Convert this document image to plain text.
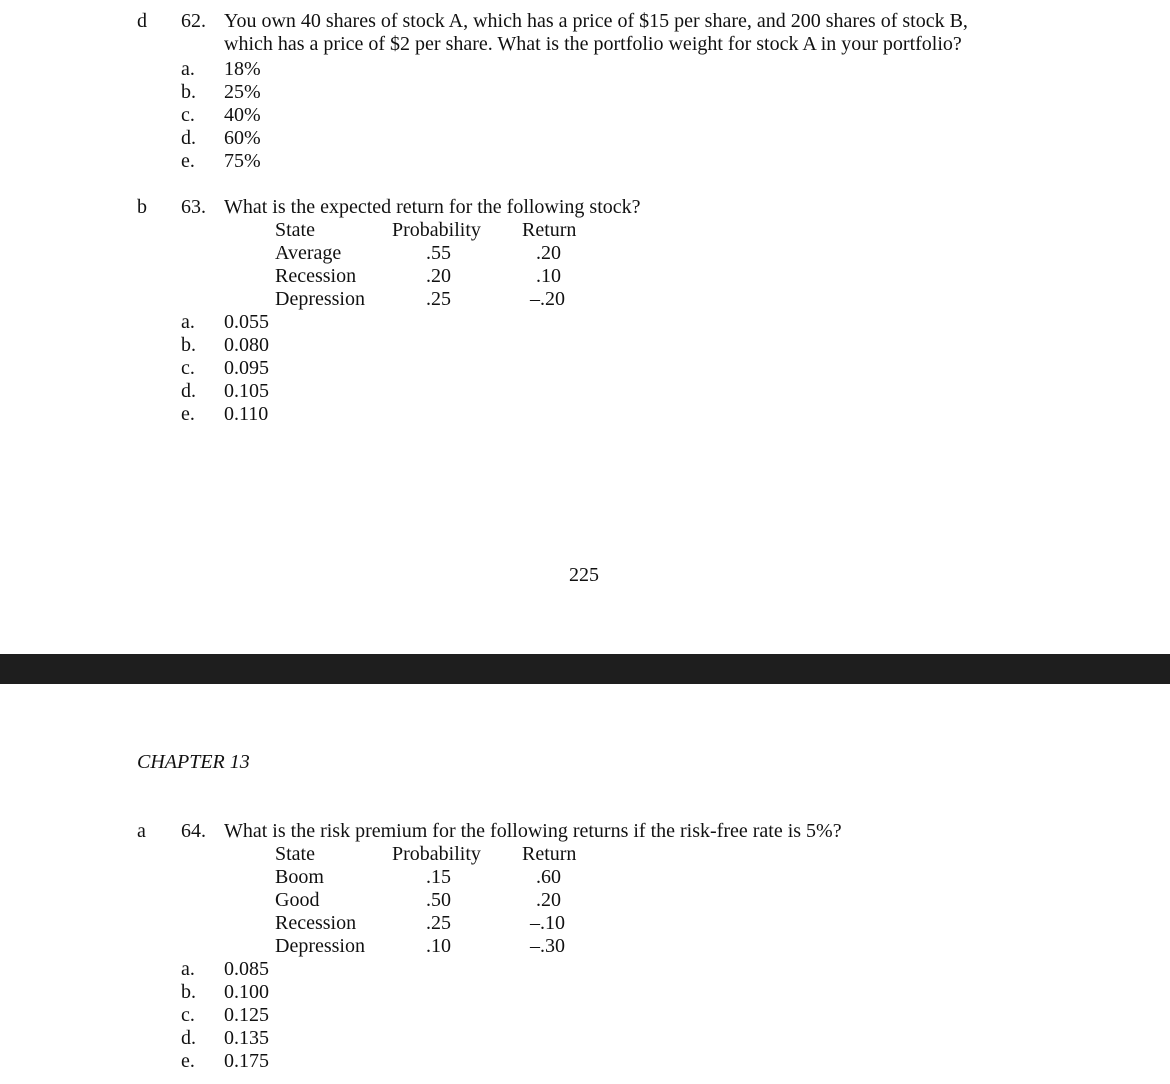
d 62. You own 40 shares of stock A, which has a price of $15 per share, and 200 shares of stock B,
which has a price of $2 per share. What is the portfolio weight for stock A in your portfolio?
a. 18%
b. 25%
c. 40%
d. 60%
e. 75%
b 63. What is the expected return for the following stock?
State	Probability Return
Average	.55	.20
Recession	.20	.10
Depression	.25	–.20
a. 0.055
b. 0.080
c. 0.095
d. 0.105
e. 0.110
225
CHAPTER 13
a 64. What is the risk premium for the following returns if the risk-free rate is 5%?
State	Probability Return
Boom	.15	.60
Good	.50	.20
Recession	.25	–.10
Depression	.10	–.30
a. 0.085
b. 0.100
c. 0.125
d. 0.135
e. 0.175
